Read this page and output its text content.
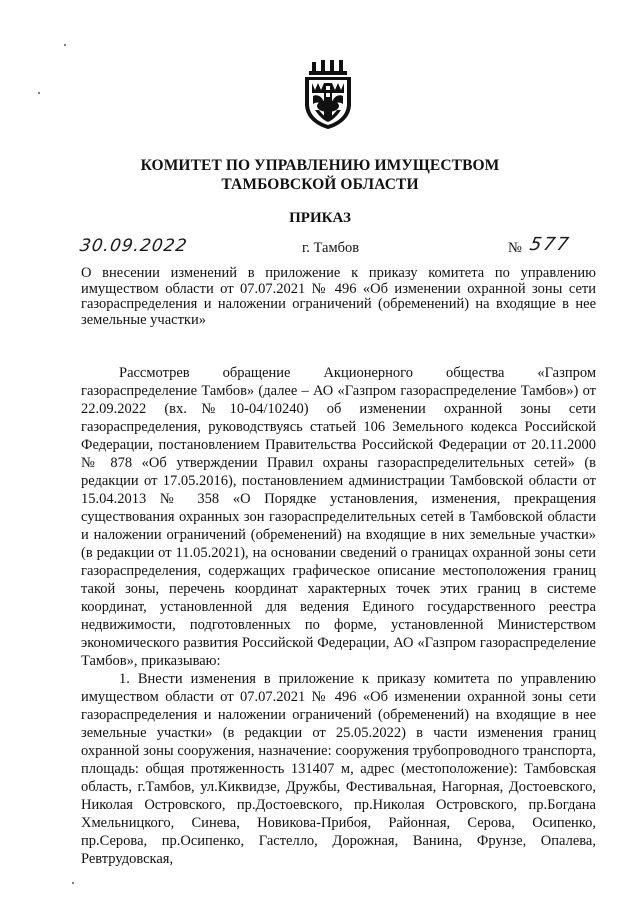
КОМИТЕТ ПО УПРАВЛЕНИЮ ИМУЩЕСТВОМ
ТАМБОВСКОЙ ОБЛАСТИ
ПРИКАЗ
30.09.2022	г. Тамбов	№ 577
О внесении изменений в приложение к приказу комитета по управлению имуществом области от 07.07.2021 № 496 «Об изменении охранной зоны сети газораспределения и наложении ограничений (обременений) на входящие в нее земельные участки»

Рассмотрев обращение Акционерного общества «Газпром газораспределение Тамбов» (далее – АО «Газпром газораспределение Тамбов») от 22.09.2022 (вх.№10-04/10240) об изменении охранной зоны сети газораспределения, руководствуясь статьей 106 Земельного кодекса Российской Федерации, постановлением Правительства Российской Федерации от 20.11.2000 № 878 «Об утверждении Правил охраны газораспределительных сетей» (в редакции от 17.05.2016), постановлением администрации Тамбовской области от 15.04.2013 № 358 «О Порядке установления, изменения, прекращения существования охранных зон газораспределительных сетей в Тамбовской области и наложении ограничений (обременений) на входящие в них земельные участки» (в редакции от 11.05.2021), на основании сведений о границах охранной зоны сети газораспределения, содержащих графическое описание местоположения границ такой зоны, перечень координат характерных точек этих границ в системе координат, установленной для ведения Единого государственного реестра недвижимости, подготовленных по форме, установленной Министерством экономического развития Российской Федерации, АО «Газпром газораспределение Тамбов», приказываю:

1. Внести изменения в приложение к приказу комитета по управлению имуществом области от 07.07.2021 № 496 «Об изменении охранной зоны сети газораспределения и наложении ограничений (обременений) на входящие в нее земельные участки» (в редакции от 25.05.2022) в части изменения границ охранной зоны сооружения, назначение: сооружения трубопроводного транспорта, площадь: общая протяженность 131407 м, адрес (местоположение): Тамбовская область, г.Тамбов, ул.Киквидзе, Дружбы, Фестивальная, Нагорная, Достоевского, Николая Островского, пр.Достоевского, пр.Николая Островского, пр.Богдана Хмельницкого, Синева, Новикова-Прибоя, Районная, Серова, Осипенко, пр.Серова, пр.Осипенко, Гастелло, Дорожная, Ванина, Фрунзе, Опалева, Ревтрудовская,
